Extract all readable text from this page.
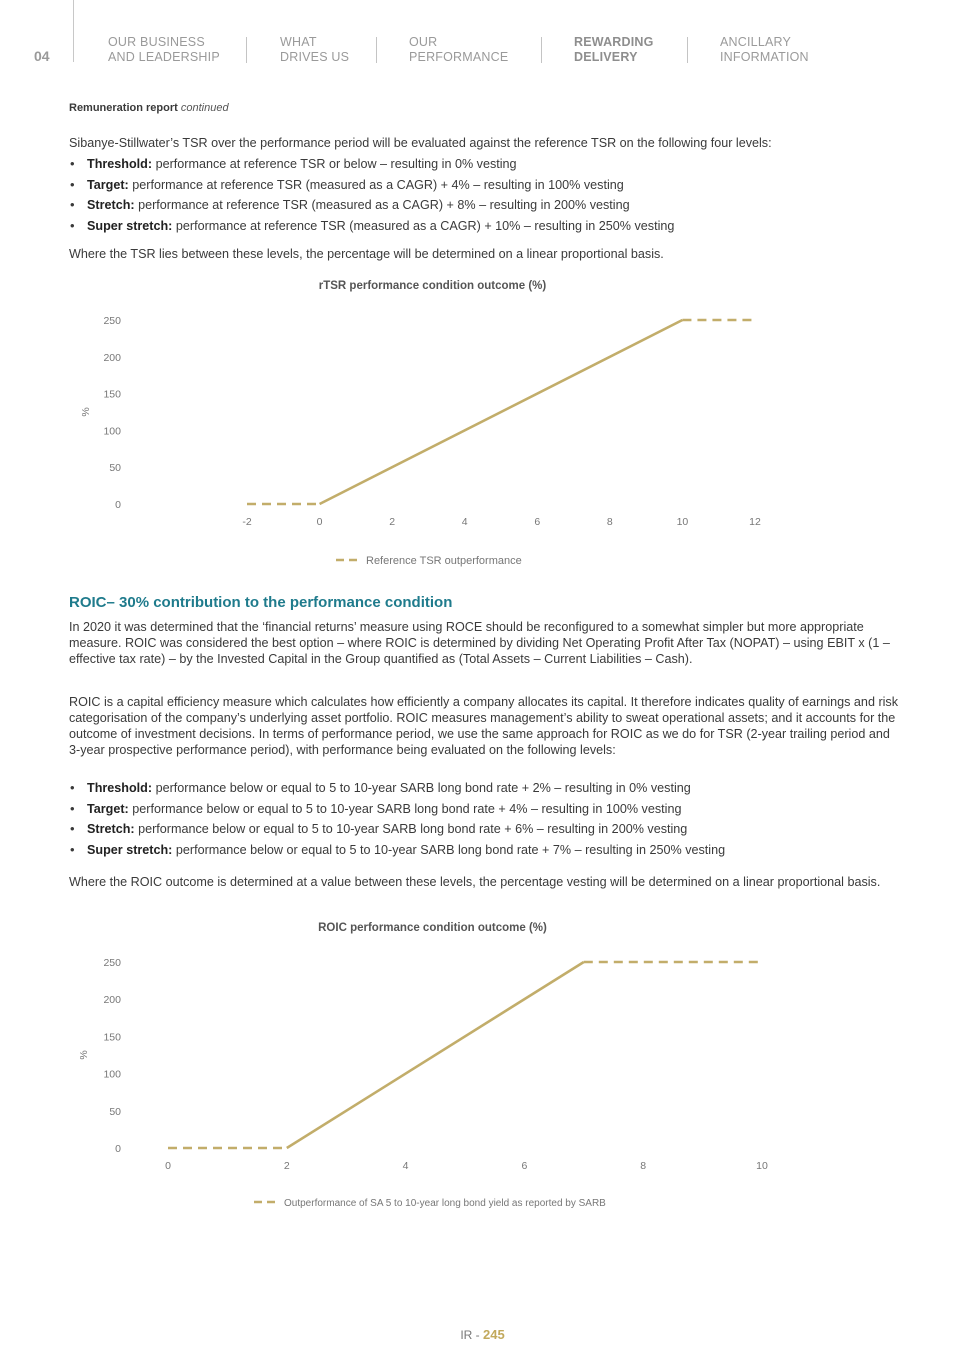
04
OUR BUSINESS
AND LEADERSHIP
WHAT
DRIVES US
OUR
PERFORMANCE
REWARDING
DELIVERY
ANCILLARY
INFORMATION
Remuneration report continued
Sibanye-Stillwater’s TSR over the performance period will be evaluated against the reference TSR on the following four levels:
• Threshold: performance at reference TSR or below – resulting in 0% vesting
• Target: performance at reference TSR (measured as a CAGR) + 4% – resulting in 100% vesting
• Stretch: performance at reference TSR (measured as a CAGR) + 8% – resulting in 200% vesting
• Super stretch: performance at reference TSR (measured as a CAGR) + 10% – resulting in 250% vesting
Where the TSR lies between these levels, the percentage will be determined on a linear proportional basis.
rTSR performance condition outcome (%)
0
50
100
150
200
250
%
-2	0	2	4	6	8	10	12
Reference TSR outperformance
ROIC– 30% contribution to the performance condition
In 2020 it was determined that the ‘financial returns’ measure using ROCE should be reconfigured to a somewhat simpler but more appropriate measure. ROIC was considered the best option – where ROIC is determined by dividing Net Operating Profit After Tax (NOPAT) – using EBIT x (1 – effective tax rate) – by the Invested Capital in the Group quantified as (Total Assets – Current Liabilities – Cash).
ROIC is a capital efficiency measure which calculates how efficiently a company allocates its capital. It therefore indicates quality of earnings and risk categorisation of the company’s underlying asset portfolio. ROIC measures management’s ability to sweat operational assets; and it accounts for the outcome of investment decisions. In terms of performance period, we use the same approach for ROIC as we do for TSR (2-year trailing period and 3-year prospective performance period), with performance being evaluated on the following levels:
• Threshold: performance below or equal to 5 to 10-year SARB long bond rate + 2% – resulting in 0% vesting
• Target: performance below or equal to 5 to 10-year SARB long bond rate + 4% – resulting in 100% vesting
• Stretch: performance below or equal to 5 to 10-year SARB long bond rate + 6% – resulting in 200% vesting
• Super stretch: performance below or equal to 5 to 10-year SARB long bond rate + 7% – resulting in 250% vesting
Where the ROIC outcome is determined at a value between these levels, the percentage vesting will be determined on a linear proportional basis.
ROIC performance condition outcome (%)
0
50
100
150
200
250
%
0	2	4	6	8	10
Outperformance of SA 5 to 10-year long bond yield as reported by SARB
IR - 245
